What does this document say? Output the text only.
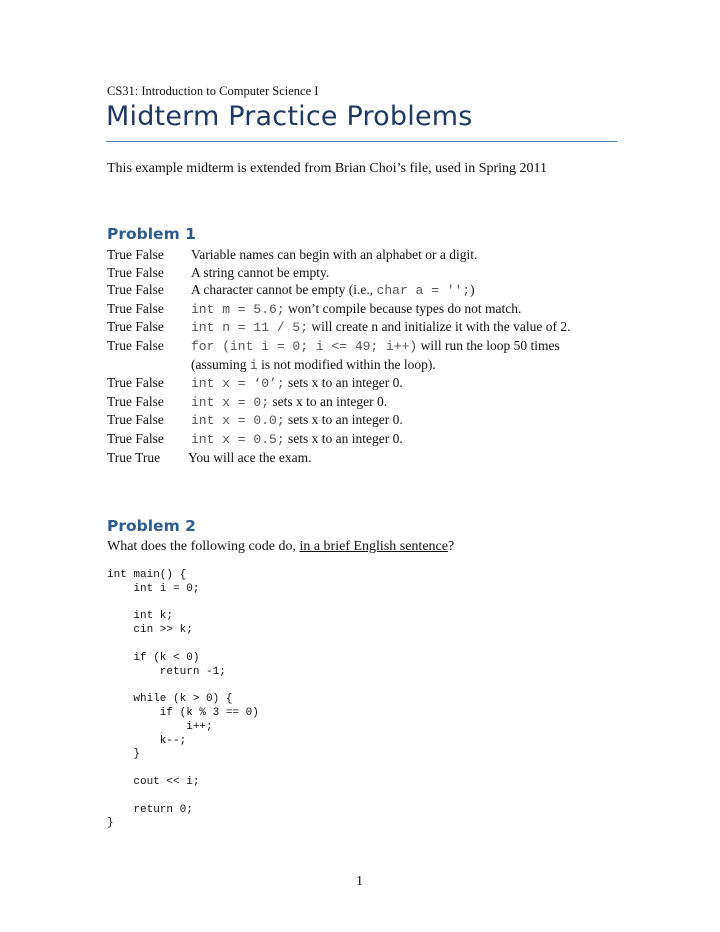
CS31: Introduction to Computer Science I
Midterm Practice Problems
This example midterm is extended from Brian Choi’s file, used in Spring 2011
Problem 1
True False	Variable names can begin with an alphabet or a digit.
True False	A string cannot be empty.
True False	A character cannot be empty (i.e., char a = '';)
True False	int m = 5.6; won’t compile because types do not match.
True False	int n = 11 / 5; will create n and initialize it with the value of 2.
True False	for (int i = 0; i <= 49; i++) will run the loop 50 times
(assuming i is not modified within the loop).
True False	int x = ‘0’; sets x to an integer 0.
True False	int x = 0; sets x to an integer 0.
True False	int x = 0.0; sets x to an integer 0.
True False	int x = 0.5; sets x to an integer 0.
True True	You will ace the exam.
Problem 2
What does the following code do, in a brief English sentence?
int main() {
int i = 0;

int k;
cin >> k;

if (k < 0)
return -1;

while (k > 0) {
if (k % 3 == 0)
i++;
k--;
}

cout << i;

return 0;
}
1
